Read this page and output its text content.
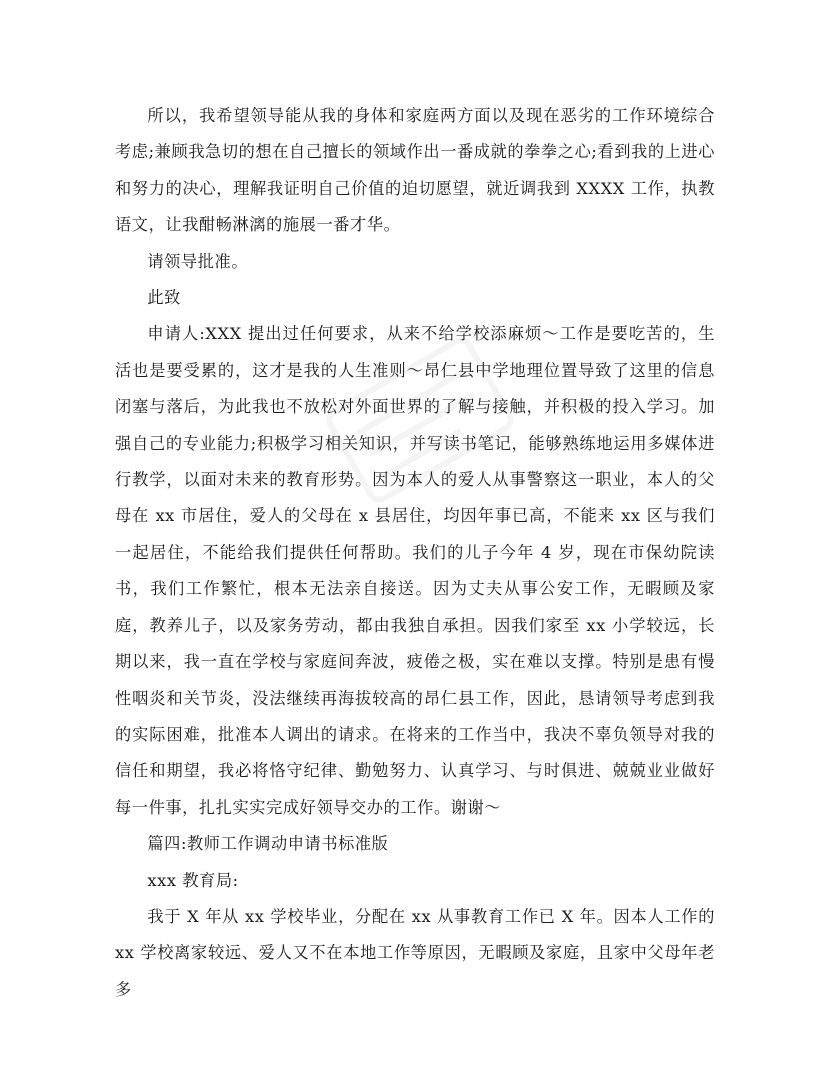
所以，我希望领导能从我的身体和家庭两方面以及现在恶劣的工作环境综合考虑;兼顾我急切的想在自己擅长的领域作出一番成就的拳拳之心;看到我的上进心和努力的决心，理解我证明自己价值的迫切愿望，就近调我到 XXXX 工作，执教语文，让我酣畅淋漓的施展一番才华。

请领导批准。

此致

申请人:XXX 提出过任何要求，从来不给学校添麻烦～工作是要吃苦的，生活也是要受累的，这才是我的人生准则～昂仁县中学地理位置导致了这里的信息闭塞与落后，为此我也不放松对外面世界的了解与接触，并积极的投入学习。加强自己的专业能力;积极学习相关知识，并写读书笔记，能够熟练地运用多媒体进行教学，以面对未来的教育形势。因为本人的爱人从事警察这一职业，本人的父母在 xx 市居住，爱人的父母在 x 县居住，均因年事已高，不能来 xx 区与我们一起居住，不能给我们提供任何帮助。我们的儿子今年 4 岁，现在市保幼院读书，我们工作繁忙，根本无法亲自接送。因为丈夫从事公安工作，无暇顾及家庭，教养儿子，以及家务劳动，都由我独自承担。因我们家至 xx 小学较远，长期以来，我一直在学校与家庭间奔波，疲倦之极，实在难以支撑。特别是患有慢性咽炎和关节炎，没法继续再海拔较高的昂仁县工作，因此，恳请领导考虑到我的实际困难，批准本人调出的请求。在将来的工作当中，我决不辜负领导对我的信任和期望，我必将恪守纪律、勤勉努力、认真学习、与时俱进、兢兢业业做好每一件事，扎扎实实完成好领导交办的工作。谢谢～

篇四:教师工作调动申请书标准版

xxx 教育局:

我于 X 年从 xx 学校毕业，分配在 xx 从事教育工作已 X 年。因本人工作的 xx 学校离家较远、爱人又不在本地工作等原因，无暇顾及家庭，且家中父母年老多
